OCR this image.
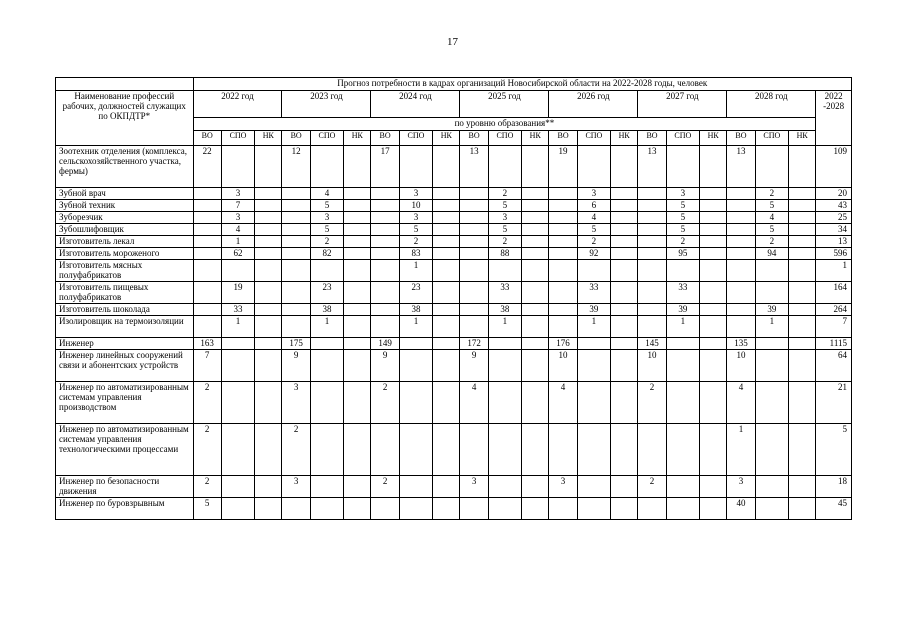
17
	Прогноз потребности в кадрах организаций Новосибирской области на 2022-2028 годы, человек																					
Наименование профессий рабочих, должностей служащих по ОКПДТР*	2022 год			2023 год			2024 год			2025 год			2026 год			2027 год			2028 год			2022 -2028
	по уровню образования**																					
	ВО	СПО	НК	ВО	СПО	НК	ВО	СПО	НК	ВО	СПО	НК	ВО	СПО	НК	ВО	СПО	НК	ВО	СПО	НК	
Зоотехник отделения (комплекса, сельскохозяйственного участка, фермы)	22			12			17			13			19			13			13			109
Зубной врач		3			4			3			2			3			3			2		20
Зубной техник		7			5			10			5			6			5			5		43
Зуборезчик		3			3			3			3			4			5			4		25
Зубошлифовщик		4			5			5			5			5			5			5		34
Изготовитель лекал		1			2			2			2			2			2			2		13
Изготовитель мороженого		62			82			83			88			92			95			94		596
Изготовитель мясных полуфабрикатов								1														1
Изготовитель пищевых полуфабрикатов		19			23			23			33			33			33					164
Изготовитель шоколада		33			38			38			38			39			39			39		264
Изолировщик на термоизоляции		1			1			1			1			1			1			1		7
Инженер	163			175			149			172			176			145			135			1115
Инженер линейных сооружений связи и абонентских устройств	7			9			9			9			10			10			10			64
Инженер по автоматизированным системам управления производством	2			3			2			4			4			2			4			21
Инженер по автоматизированным системам управления технологическими процессами	2			2															1			5
Инженер по безопасности движения	2			3			2			3			3			2			3			18
Инженер по буровзрывным	5																		40			45
